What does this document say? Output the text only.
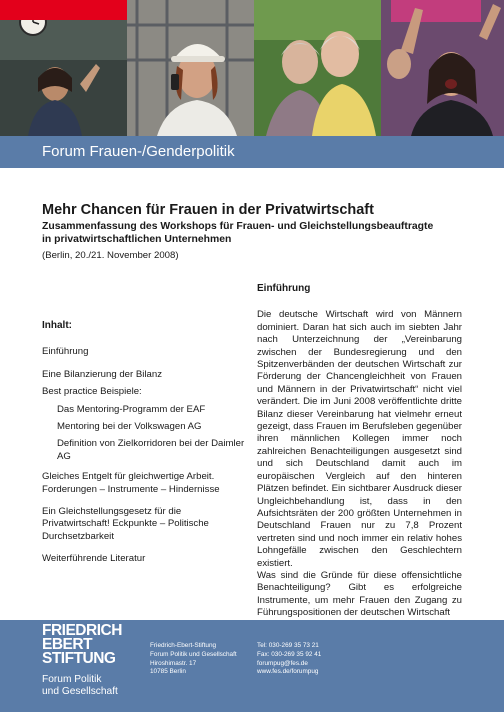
Forum Frauen-/Genderpolitik
Mehr Chancen für Frauen in der Privatwirtschaft
Zusammenfassung des Workshops für Frauen- und Gleichstellungsbeauftragte
in privatwirtschaftlichen Unternehmen
(Berlin, 20./21. November 2008)
Inhalt:
Einführung
Eine Bilanzierung der Bilanz
Best practice Beispiele:
Das Mentoring-Programm der EAF
Mentoring bei der Volkswagen AG
Definition von Zielkorridoren bei der Daimler AG
Gleiches Entgelt für gleichwertige Arbeit. Forderungen – Instrumente – Hindernisse
Ein Gleichstellungsgesetz für die Privatwirtschaft! Eckpunkte – Politische Durchsetzbarkeit
Weiterführende Literatur
Einführung

Die deutsche Wirtschaft wird von Männern dominiert. Daran hat sich auch im siebten Jahr nach Unterzeichnung der „Vereinbarung zwischen der Bundesregierung und den Spitzenverbänden der deutschen Wirtschaft zur Förderung der Chancengleichheit von Frauen und Männern in der Privatwirtschaft“ nicht viel verändert. Die im Juni 2008 veröffentlichte dritte Bilanz dieser Vereinbarung hat vielmehr erneut gezeigt, dass Frauen im Berufsleben gegenüber ihren männlichen Kollegen immer noch zahlreichen Benachteiligungen ausgesetzt sind und sich Deutschland damit auch im europäischen Vergleich auf den hinteren Plätzen befindet. Ein sichtbarer Ausdruck dieser Ungleichbehandlung ist, dass in den Aufsichtsräten der 200 größten Unternehmen in Deutschland Frauen nur zu 7,8 Prozent vertreten sind und noch immer ein relativ hohes Lohngefälle zwischen den Geschlechtern existiert.

Was sind die Gründe für diese offensichtliche Benachteiligung? Gibt es erfolgreiche Instrumente, um mehr Frauen den Zugang zu Führungspositionen der deutschen Wirtschaft

FRIEDRICH
EBERT
STIFTUNG
Forum Politik
und Gesellschaft
Friedrich-Ebert-Stiftung
Forum Politik und Gesellschaft
Hiroshimastr. 17
10785 Berlin
Tel: 030-269 35 73 21
Fax: 030-269 35 92 41
forumpug@fes.de
www.fes.de/forumpug
